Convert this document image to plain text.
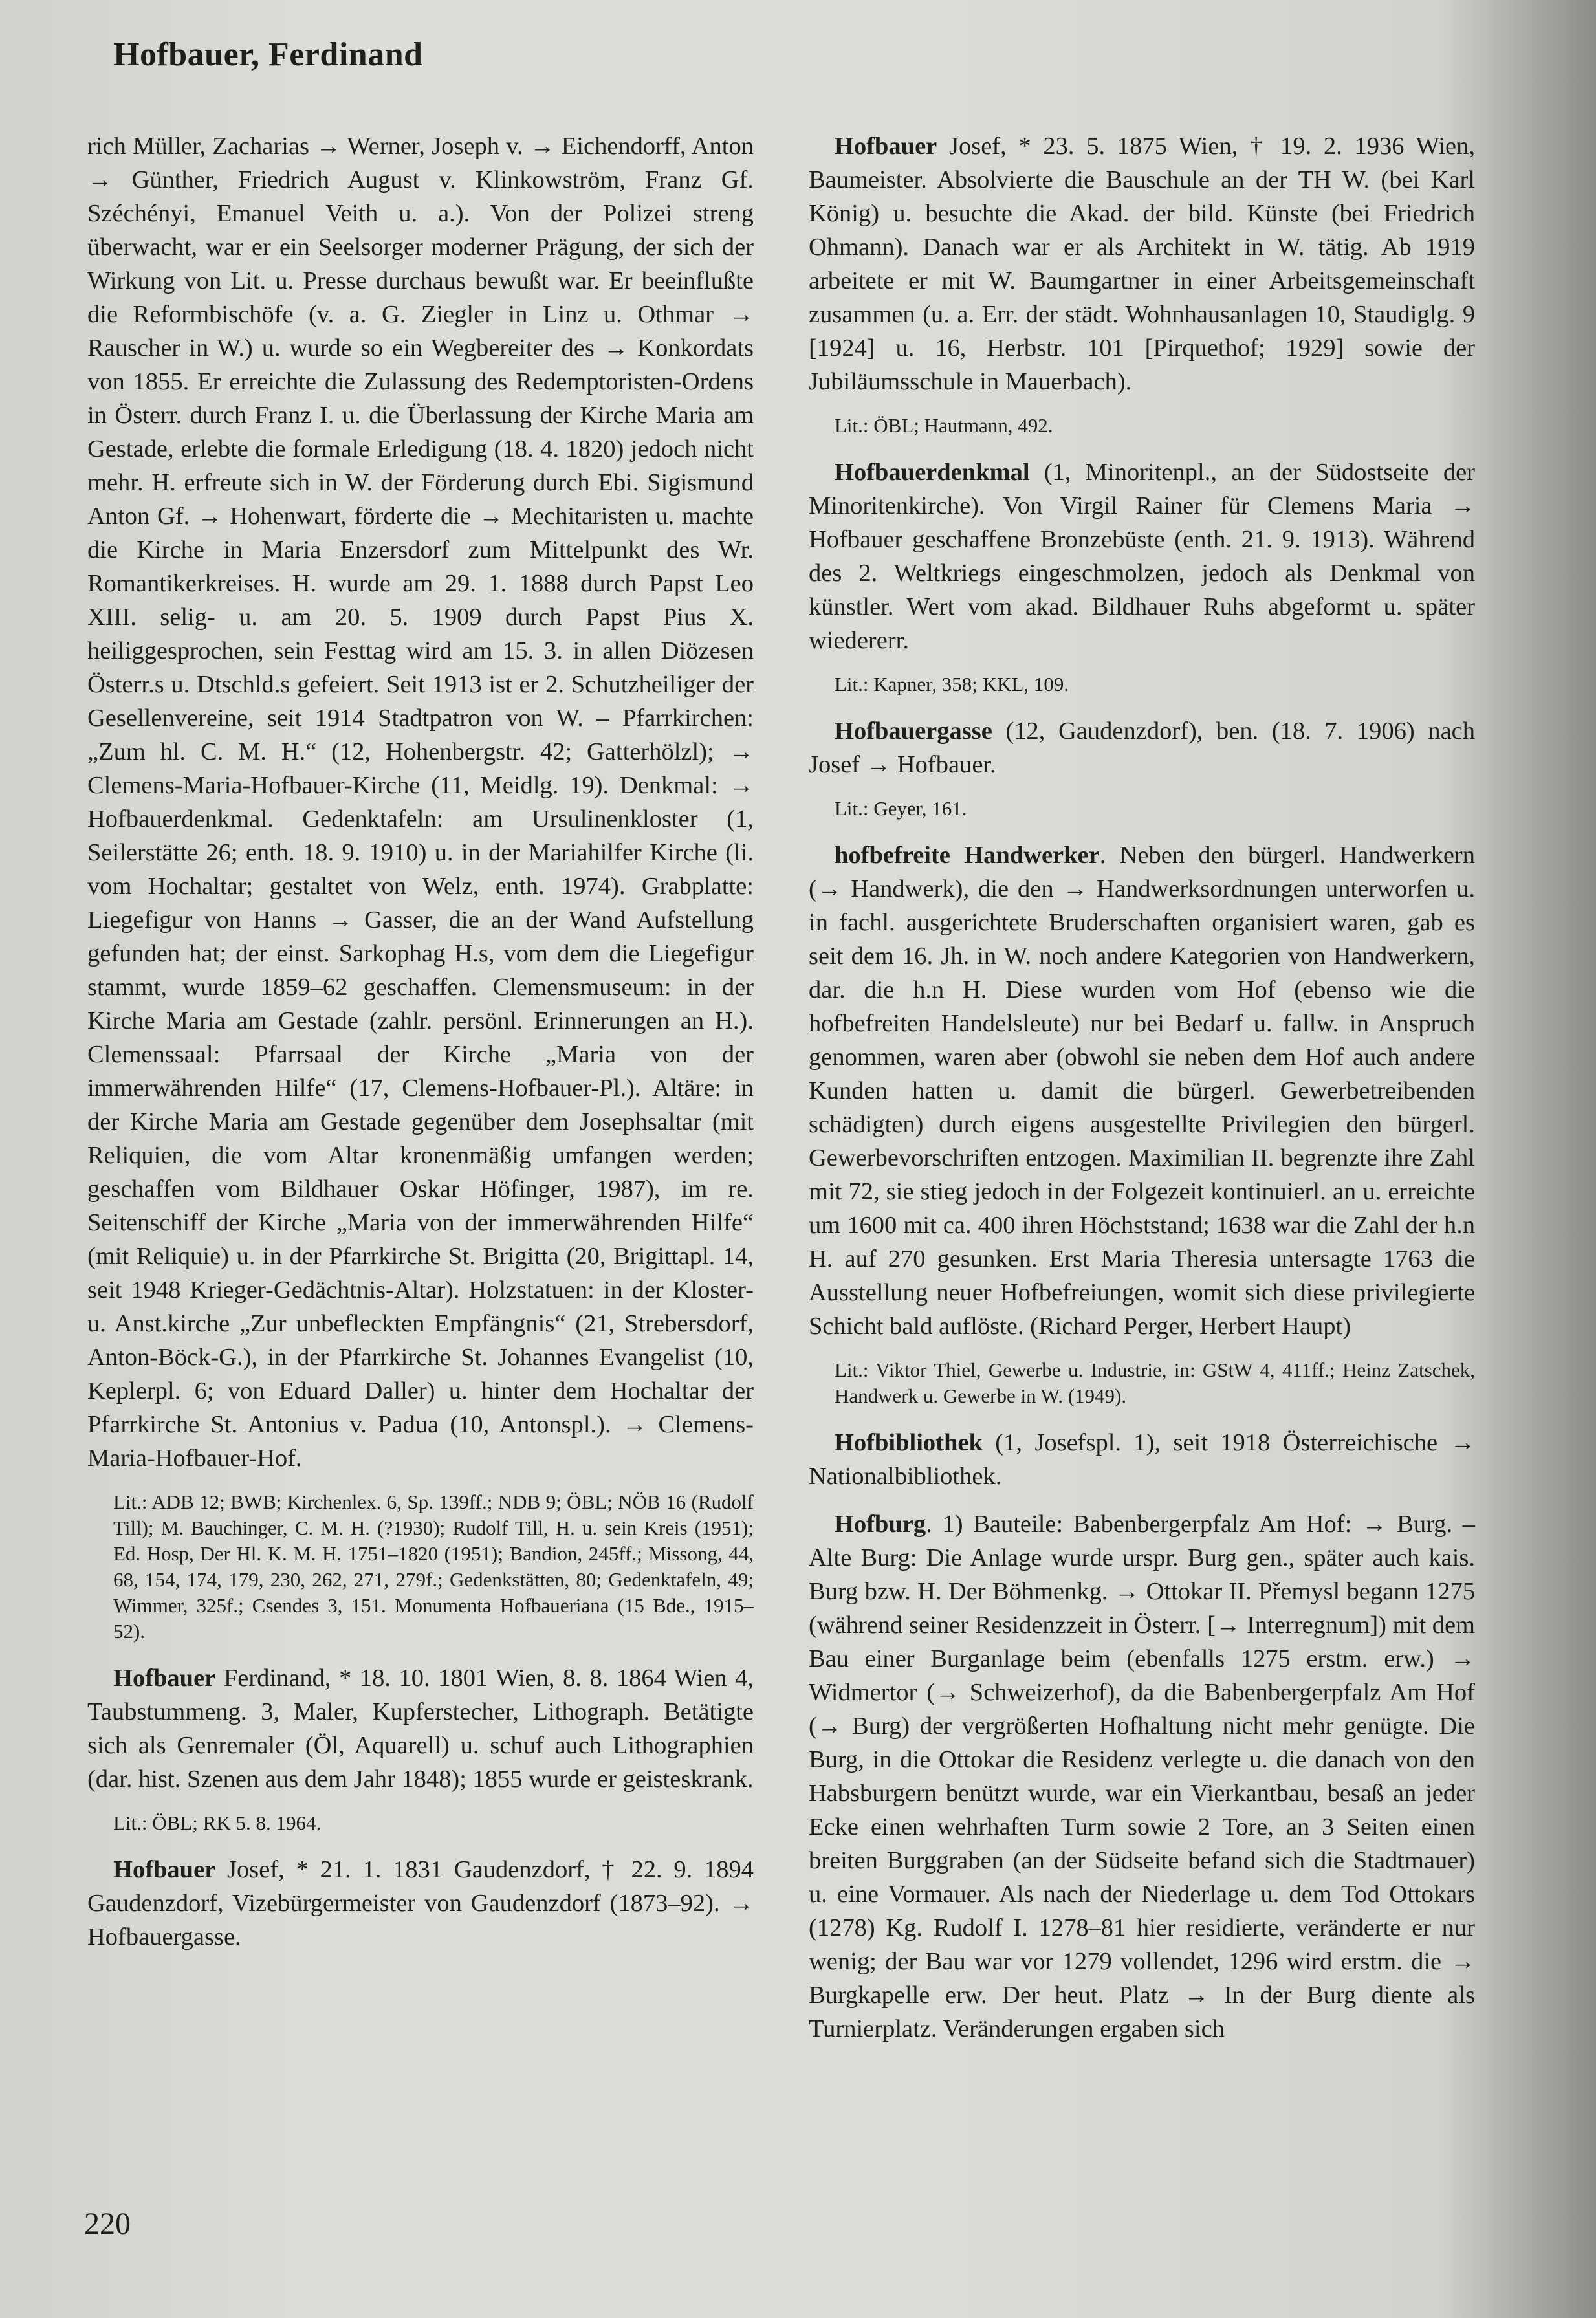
Hofbauer, Ferdinand

rich Müller, Zacharias → Werner, Joseph v. → Eichendorff, Anton → Günther, Friedrich August v. Klinkowström, Franz Gf. Széchényi, Emanuel Veith u. a.). Von der Polizei streng überwacht, war er ein Seelsorger moderner Prägung, der sich der Wirkung von Lit. u. Presse durchaus bewußt war. Er beeinflußte die Reformbischöfe (v. a. G. Ziegler in Linz u. Othmar → Rauscher in W.) u. wurde so ein Wegbereiter des → Konkordats von 1855. Er erreichte die Zulassung des Redemptoristen-Ordens in Österr. durch Franz I. u. die Überlassung der Kirche Maria am Gestade, erlebte die formale Erledigung (18. 4. 1820) jedoch nicht mehr. H. erfreute sich in W. der Förderung durch Ebi. Sigismund Anton Gf. → Hohenwart, förderte die → Mechitaristen u. machte die Kirche in Maria Enzersdorf zum Mittelpunkt des Wr. Romantikerkreises. H. wurde am 29. 1. 1888 durch Papst Leo XIII. selig- u. am 20. 5. 1909 durch Papst Pius X. heiliggesprochen, sein Festtag wird am 15. 3. in allen Diözesen Österr.s u. Dtschld.s gefeiert. Seit 1913 ist er 2. Schutzheiliger der Gesellenvereine, seit 1914 Stadtpatron von W. – Pfarrkirchen: „Zum hl. C. M. H.“ (12, Hohenbergstr. 42; Gatterhölzl); → Clemens-Maria-Hofbauer-Kirche (11, Meidlg. 19). Denkmal: → Hofbauerdenkmal. Gedenktafeln: am Ursulinenkloster (1, Seilerstätte 26; enth. 18. 9. 1910) u. in der Mariahilfer Kirche (li. vom Hochaltar; gestaltet von Welz, enth. 1974). Grabplatte: Liegefigur von Hanns → Gasser, die an der Wand Aufstellung gefunden hat; der einst. Sarkophag H.s, vom dem die Liegefigur stammt, wurde 1859–62 geschaffen. Clemensmuseum: in der Kirche Maria am Gestade (zahlr. persönl. Erinnerungen an H.). Clemenssaal: Pfarrsaal der Kirche „Maria von der immerwährenden Hilfe“ (17, Clemens-Hofbauer-Pl.). Altäre: in der Kirche Maria am Gestade gegenüber dem Josephsaltar (mit Reliquien, die vom Altar kronenmäßig umfangen werden; geschaffen vom Bildhauer Oskar Höfinger, 1987), im re. Seitenschiff der Kirche „Maria von der immerwährenden Hilfe“ (mit Reliquie) u. in der Pfarrkirche St. Brigitta (20, Brigittapl. 14, seit 1948 Krieger-Gedächtnis-Altar). Holzstatuen: in der Kloster- u. Anst.kirche „Zur unbefleckten Empfängnis“ (21, Strebersdorf, Anton-Böck-G.), in der Pfarrkirche St. Johannes Evangelist (10, Keplerpl. 6; von Eduard Daller) u. hinter dem Hochaltar der Pfarrkirche St. Antonius v. Padua (10, Antonspl.). → Clemens-Maria-Hofbauer-Hof.

Lit.: ADB 12; BWB; Kirchenlex. 6, Sp. 139ff.; NDB 9; ÖBL; NÖB 16 (Rudolf Till); M. Bauchinger, C. M. H. (?1930); Rudolf Till, H. u. sein Kreis (1951); Ed. Hosp, Der Hl. K. M. H. 1751–1820 (1951); Bandion, 245ff.; Missong, 44, 68, 154, 174, 179, 230, 262, 271, 279f.; Gedenkstätten, 80; Gedenktafeln, 49; Wimmer, 325f.; Csendes 3, 151. Monumenta Hofbaueriana (15 Bde., 1915–52).

Hofbauer Ferdinand, * 18. 10. 1801 Wien, 8. 8. 1864 Wien 4, Taubstummeng. 3, Maler, Kupferstecher, Lithograph. Betätigte sich als Genremaler (Öl, Aquarell) u. schuf auch Lithographien (dar. hist. Szenen aus dem Jahr 1848); 1855 wurde er geisteskrank.

Lit.: ÖBL; RK 5. 8. 1964.

Hofbauer Josef, * 21. 1. 1831 Gaudenzdorf, † 22. 9. 1894 Gaudenzdorf, Vizebürgermeister von Gaudenzdorf (1873–92). → Hofbauergasse.

Hofbauer Josef, * 23. 5. 1875 Wien, † 19. 2. 1936 Wien, Baumeister. Absolvierte die Bauschule an der TH W. (bei Karl König) u. besuchte die Akad. der bild. Künste (bei Friedrich Ohmann). Danach war er als Architekt in W. tätig. Ab 1919 arbeitete er mit W. Baumgartner in einer Arbeitsgemeinschaft zusammen (u. a. Err. der städt. Wohnhausanlagen 10, Staudiglg. 9 [1924] u. 16, Herbstr. 101 [Pirquethof; 1929] sowie der Jubiläumsschule in Mauerbach).

Lit.: ÖBL; Hautmann, 492.

Hofbauerdenkmal (1, Minoritenpl., an der Südostseite der Minoritenkirche). Von Virgil Rainer für Clemens Maria → Hofbauer geschaffene Bronzebüste (enth. 21. 9. 1913). Während des 2. Weltkriegs eingeschmolzen, jedoch als Denkmal von künstler. Wert vom akad. Bildhauer Ruhs abgeformt u. später wiedererr.

Lit.: Kapner, 358; KKL, 109.

Hofbauergasse (12, Gaudenzdorf), ben. (18. 7. 1906) nach Josef → Hofbauer.

Lit.: Geyer, 161.

hofbefreite Handwerker. Neben den bürgerl. Handwerkern (→ Handwerk), die den → Handwerksordnungen unterworfen u. in fachl. ausgerichtete Bruderschaften organisiert waren, gab es seit dem 16. Jh. in W. noch andere Kategorien von Handwerkern, dar. die h.n H. Diese wurden vom Hof (ebenso wie die hofbefreiten Handelsleute) nur bei Bedarf u. fallw. in Anspruch genommen, waren aber (obwohl sie neben dem Hof auch andere Kunden hatten u. damit die bürgerl. Gewerbetreibenden schädigten) durch eigens ausgestellte Privilegien den bürgerl. Gewerbevorschriften entzogen. Maximilian II. begrenzte ihre Zahl mit 72, sie stieg jedoch in der Folgezeit kontinuierl. an u. erreichte um 1600 mit ca. 400 ihren Höchststand; 1638 war die Zahl der h.n H. auf 270 gesunken. Erst Maria Theresia untersagte 1763 die Ausstellung neuer Hofbefreiungen, womit sich diese privilegierte Schicht bald auflöste. (Richard Perger, Herbert Haupt)

Lit.: Viktor Thiel, Gewerbe u. Industrie, in: GStW 4, 411ff.; Heinz Zatschek, Handwerk u. Gewerbe in W. (1949).

Hofbibliothek (1, Josefspl. 1), seit 1918 Österreichische → Nationalbibliothek.

Hofburg. 1) Bauteile: Babenbergerpfalz Am Hof: → Burg. – Alte Burg: Die Anlage wurde urspr. Burg gen., später auch kais. Burg bzw. H. Der Böhmenkg. → Ottokar II. Přemysl begann 1275 (während seiner Residenzzeit in Österr. [→ Interregnum]) mit dem Bau einer Burganlage beim (ebenfalls 1275 erstm. erw.) → Widmertor (→ Schweizerhof), da die Babenbergerpfalz Am Hof (→ Burg) der vergrößerten Hofhaltung nicht mehr genügte. Die Burg, in die Ottokar die Residenz verlegte u. die danach von den Habsburgern benützt wurde, war ein Vierkantbau, besaß an jeder Ecke einen wehrhaften Turm sowie 2 Tore, an 3 Seiten einen breiten Burggraben (an der Südseite befand sich die Stadtmauer) u. eine Vormauer. Als nach der Niederlage u. dem Tod Ottokars (1278) Kg. Rudolf I. 1278–81 hier residierte, veränderte er nur wenig; der Bau war vor 1279 vollendet, 1296 wird erstm. die → Burgkapelle erw. Der heut. Platz → In der Burg diente als Turnierplatz. Veränderungen ergaben sich

220
